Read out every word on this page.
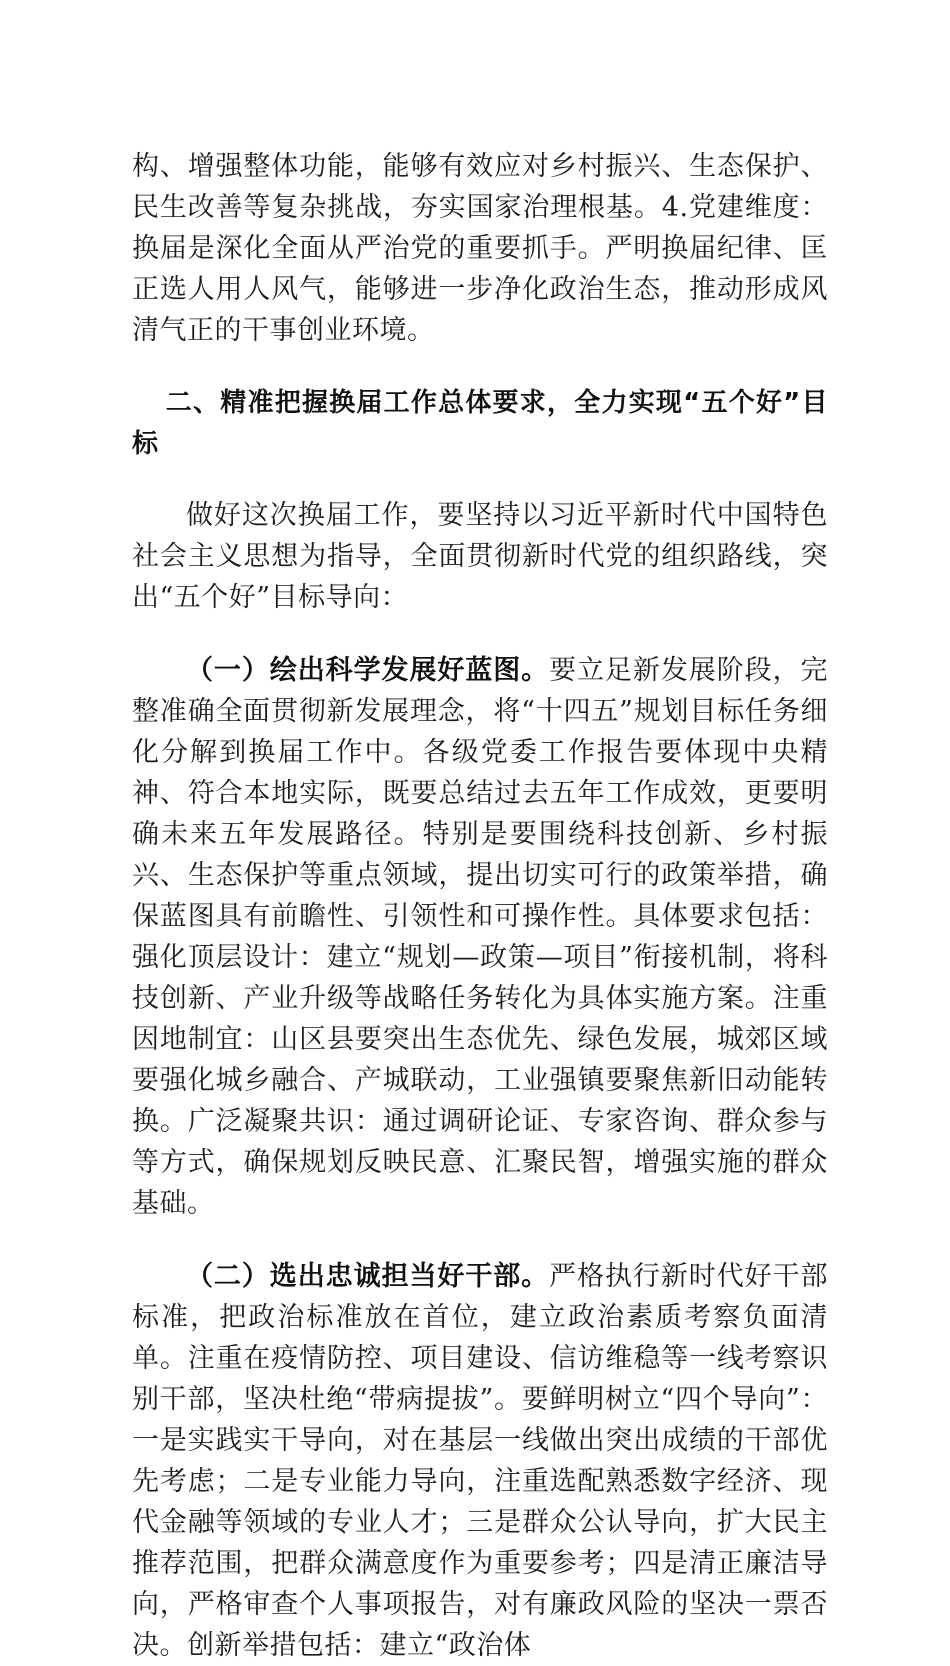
构、增强整体功能，能够有效应对乡村振兴、生态保护、民生改善等复杂挑战，夯实国家治理根基。4.党建维度：换届是深化全面从严治党的重要抓手。严明换届纪律、匡正选人用人风气，能够进一步净化政治生态，推动形成风清气正的干事创业环境。

二、精准把握换届工作总体要求，全力实现“五个好”目标

做好这次换届工作，要坚持以习近平新时代中国特色社会主义思想为指导，全面贯彻新时代党的组织路线，突出“五个好”目标导向：

（一）绘出科学发展好蓝图。要立足新发展阶段，完整准确全面贯彻新发展理念，将“十四五”规划目标任务细化分解到换届工作中。各级党委工作报告要体现中央精神、符合本地实际，既要总结过去五年工作成效，更要明确未来五年发展路径。特别是要围绕科技创新、乡村振兴、生态保护等重点领域，提出切实可行的政策举措，确保蓝图具有前瞻性、引领性和可操作性。具体要求包括：强化顶层设计：建立“规划—政策—项目”衔接机制，将科技创新、产业升级等战略任务转化为具体实施方案。注重因地制宜：山区县要突出生态优先、绿色发展，城郊区域要强化城乡融合、产城联动，工业强镇要聚焦新旧动能转换。广泛凝聚共识：通过调研论证、专家咨询、群众参与等方式，确保规划反映民意、汇聚民智，增强实施的群众基础。

（二）选出忠诚担当好干部。严格执行新时代好干部标准，把政治标准放在首位，建立政治素质考察负面清单。注重在疫情防控、项目建设、信访维稳等一线考察识别干部，坚决杜绝“带病提拔”。要鲜明树立“四个导向”：一是实践实干导向，对在基层一线做出突出成绩的干部优先考虑；二是专业能力导向，注重选配熟悉数字经济、现代金融等领域的专业人才；三是群众公认导向，扩大民主推荐范围，把群众满意度作为重要参考；四是清正廉洁导向，严格审查个人事项报告，对有廉政风险的坚决一票否决。创新举措包括：建立“政治体
